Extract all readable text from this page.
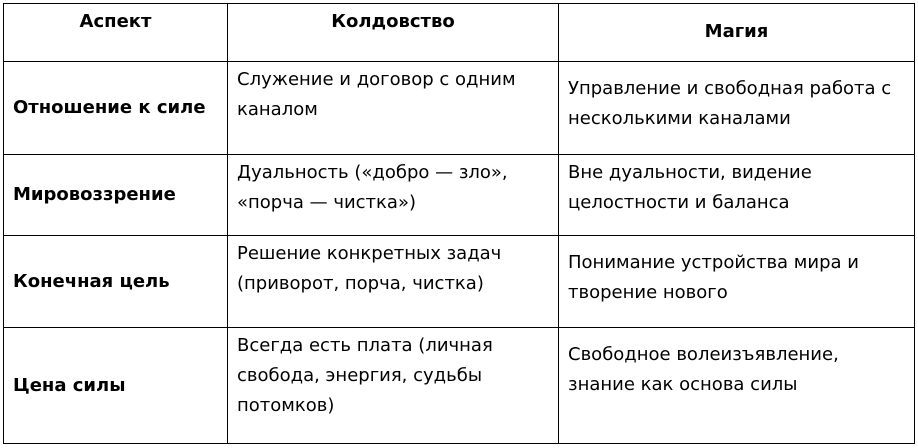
Аспект	Колдовство	Магия
Отношение к силе	Служение и договор с одним каналом	Управление и свободная работа с несколькими каналами
Мировоззрение	Дуальность («добро — зло», «порча — чистка»)	Вне дуальности, видение целостности и баланса
Конечная цель	Решение конкретных задач (приворот, порча, чистка)	Понимание устройства мира и творение нового
Цена силы	Всегда есть плата (личная свобода, энергия, судьбы потомков)	Свободное волеизъявление, знание как основа силы
